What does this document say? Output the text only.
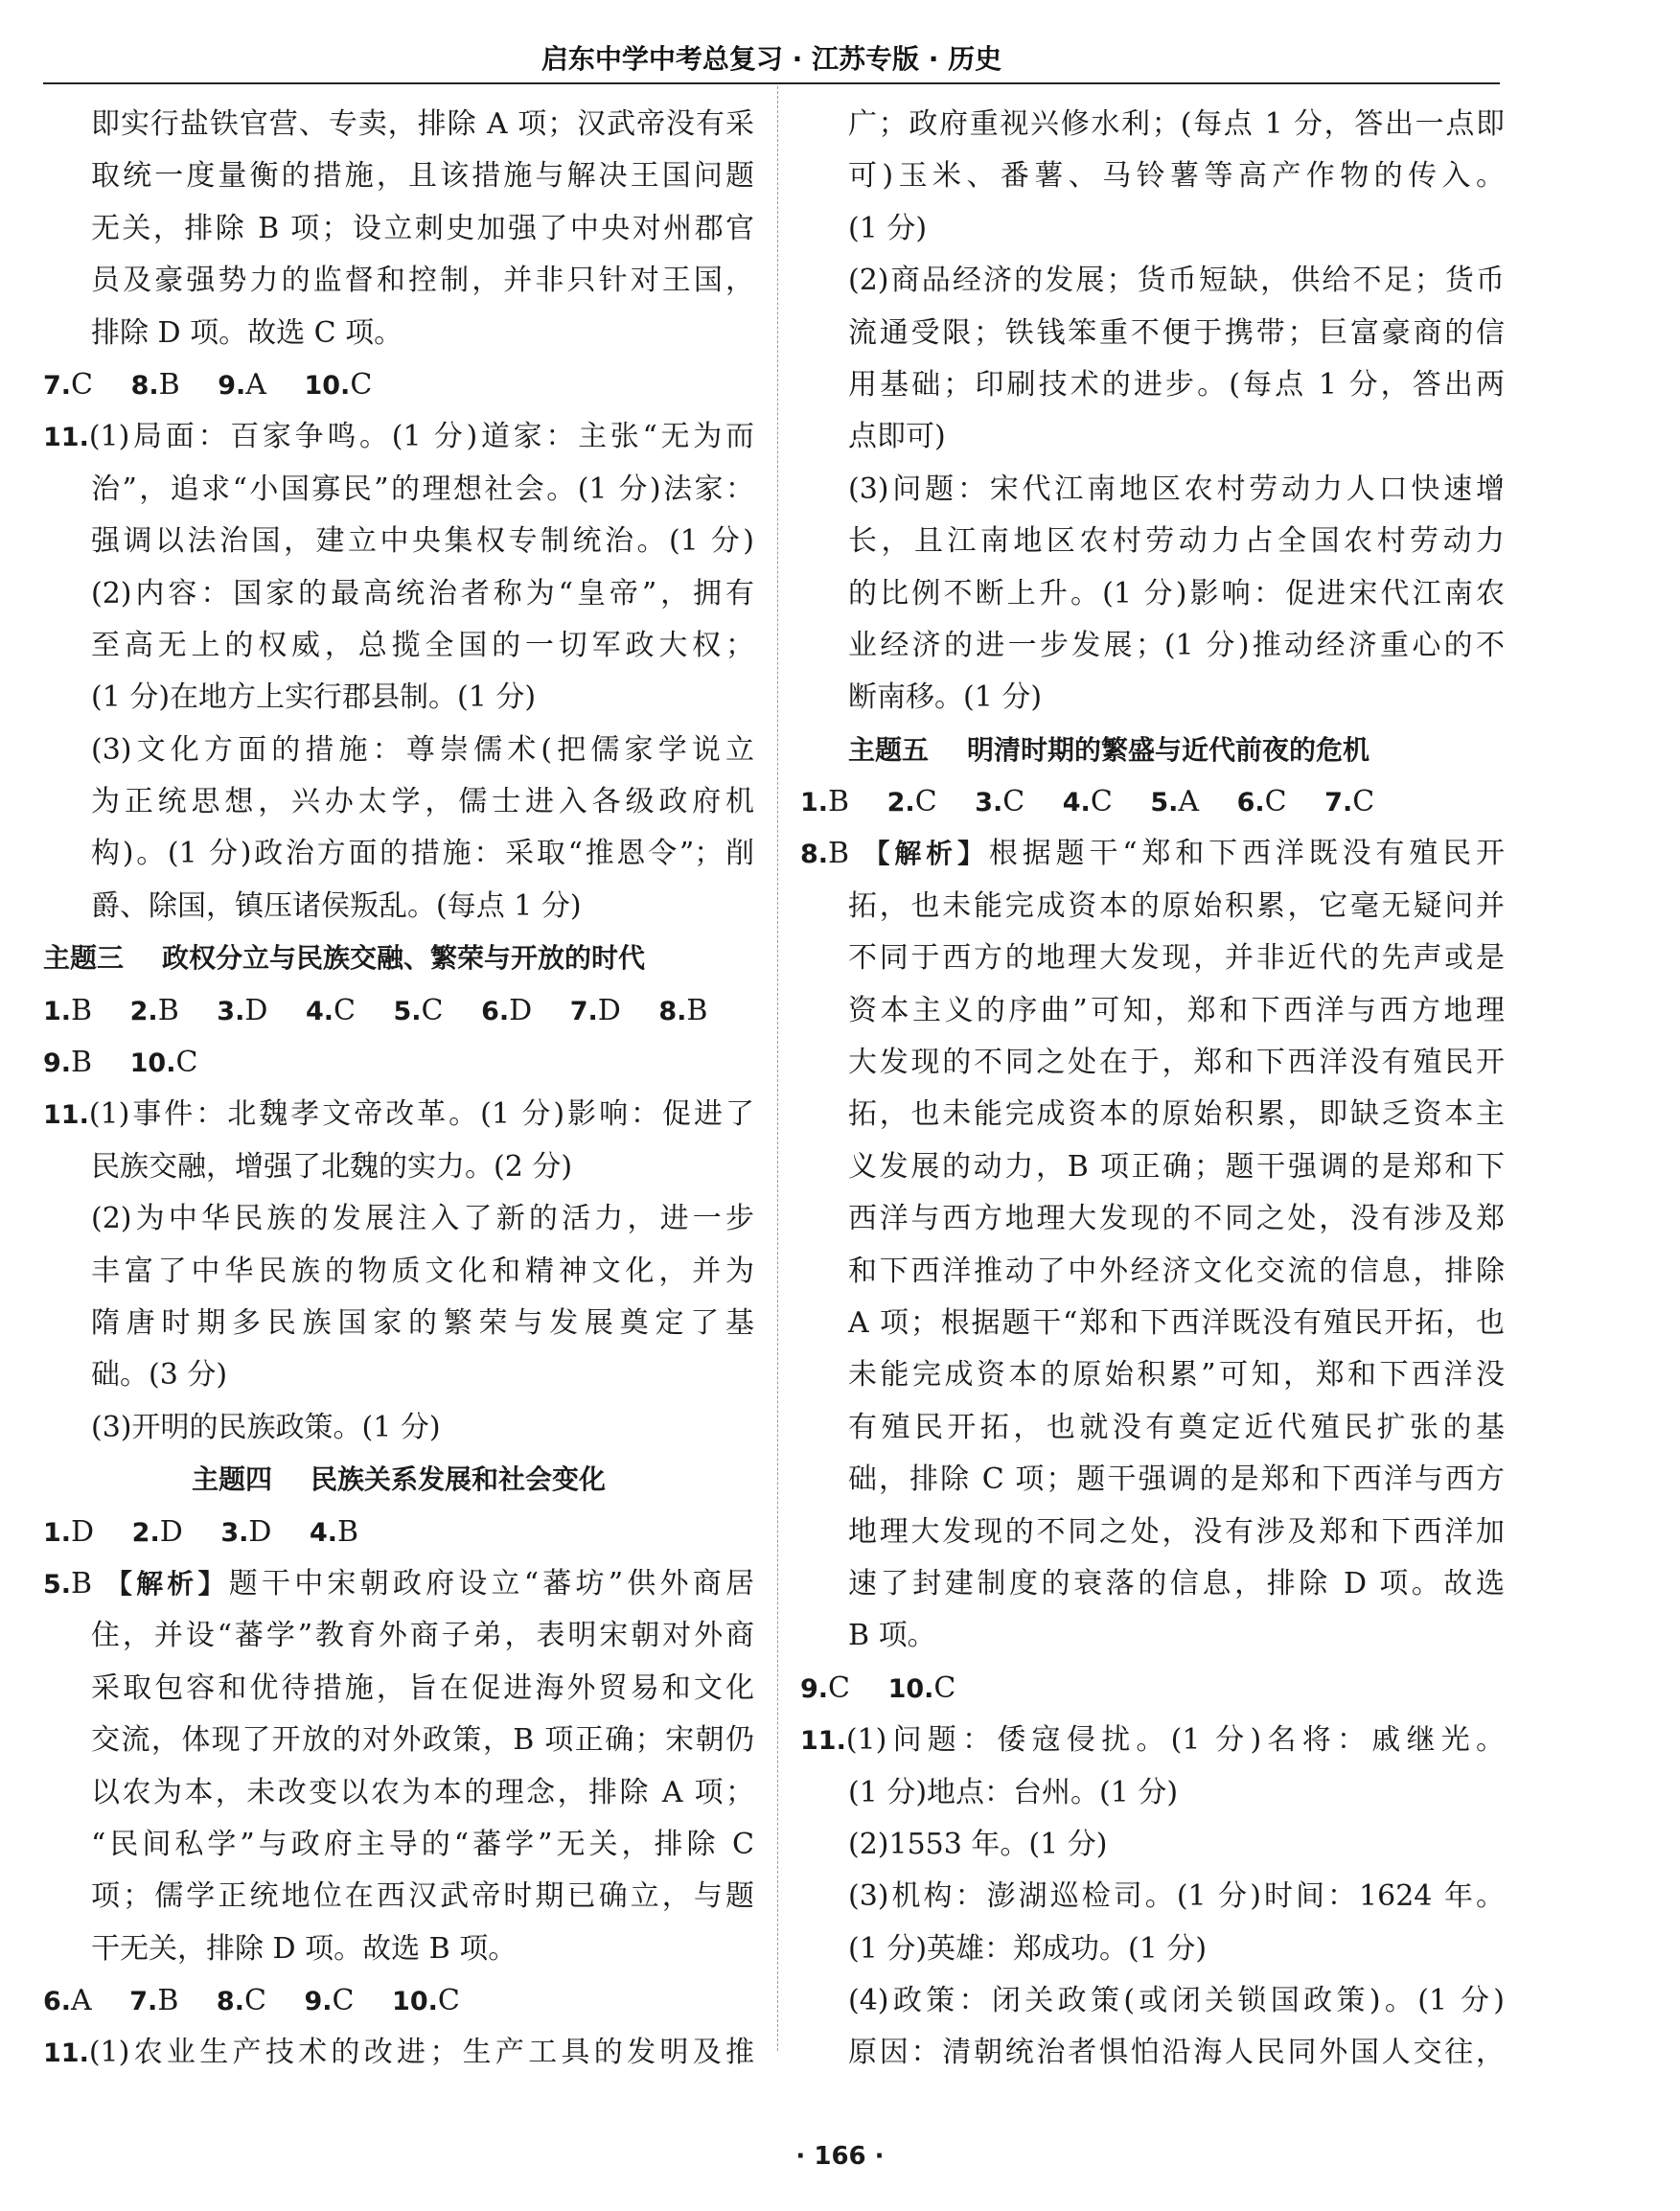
启东中学中考总复习 · 江苏专版 · 历史
即实行盐铁官营、专卖，排除 A 项；汉武帝没有采
取统一度量衡的措施，且该措施与解决王国问题
无关，排除 B 项；设立刺史加强了中央对州郡官
员及豪强势力的监督和控制，并非只针对王国，
排除 D 项。故选 C 项。
7.C 8.B 9.A 10.C
11.(1)局面：百家争鸣。(1 分)道家：主张“无为而
治”，追求“小国寡民”的理想社会。(1 分)法家：
强调以法治国，建立中央集权专制统治。(1 分)
(2)内容：国家的最高统治者称为“皇帝”，拥有
至高无上的权威，总揽全国的一切军政大权；
(1 分)在地方上实行郡县制。(1 分)
(3)文化方面的措施：尊崇儒术(把儒家学说立
为正统思想，兴办太学，儒士进入各级政府机
构)。(1 分)政治方面的措施：采取“推恩令”；削
爵、除国，镇压诸侯叛乱。(每点 1 分)
主题三 政权分立与民族交融、繁荣与开放的时代
1.B 2.B 3.D 4.C 5.C 6.D 7.D 8.B
9.B 10.C
11.(1)事件：北魏孝文帝改革。(1 分)影响：促进了
民族交融，增强了北魏的实力。(2 分)
(2)为中华民族的发展注入了新的活力，进一步
丰富了中华民族的物质文化和精神文化，并为
隋唐时期多民族国家的繁荣与发展奠定了基
础。(3 分)
(3)开明的民族政策。(1 分)
主题四 民族关系发展和社会变化
1.D 2.D 3.D 4.B
5.B 【解析】题干中宋朝政府设立“蕃坊”供外商居
住，并设“蕃学”教育外商子弟，表明宋朝对外商
采取包容和优待措施，旨在促进海外贸易和文化
交流，体现了开放的对外政策，B 项正确；宋朝仍
以农为本，未改变以农为本的理念，排除 A 项；
“民间私学”与政府主导的“蕃学”无关，排除 C
项；儒学正统地位在西汉武帝时期已确立，与题
干无关，排除 D 项。故选 B 项。
6.A 7.B 8.C 9.C 10.C
11.(1)农业生产技术的改进；生产工具的发明及推
广；政府重视兴修水利；(每点 1 分，答出一点即
可)玉米、番薯、马铃薯等高产作物的传入。
(1 分)
(2)商品经济的发展；货币短缺，供给不足；货币
流通受限；铁钱笨重不便于携带；巨富豪商的信
用基础；印刷技术的进步。(每点 1 分，答出两
点即可)
(3)问题：宋代江南地区农村劳动力人口快速增
长，且江南地区农村劳动力占全国农村劳动力
的比例不断上升。(1 分)影响：促进宋代江南农
业经济的进一步发展；(1 分)推动经济重心的不
断南移。(1 分)
主题五 明清时期的繁盛与近代前夜的危机
1.B 2.C 3.C 4.C 5.A 6.C 7.C
8.B 【解析】根据题干“郑和下西洋既没有殖民开
拓，也未能完成资本的原始积累，它毫无疑问并
不同于西方的地理大发现，并非近代的先声或是
资本主义的序曲”可知，郑和下西洋与西方地理
大发现的不同之处在于，郑和下西洋没有殖民开
拓，也未能完成资本的原始积累，即缺乏资本主
义发展的动力，B 项正确；题干强调的是郑和下
西洋与西方地理大发现的不同之处，没有涉及郑
和下西洋推动了中外经济文化交流的信息，排除
A 项；根据题干“郑和下西洋既没有殖民开拓，也
未能完成资本的原始积累”可知，郑和下西洋没
有殖民开拓，也就没有奠定近代殖民扩张的基
础，排除 C 项；题干强调的是郑和下西洋与西方
地理大发现的不同之处，没有涉及郑和下西洋加
速了封建制度的衰落的信息，排除 D 项。故选
B 项。
9.C 10.C
11.(1)问题：倭寇侵扰。(1 分)名将：戚继光。
(1 分)地点：台州。(1 分)
(2)1553 年。(1 分)
(3)机构：澎湖巡检司。(1 分)时间：1624 年。
(1 分)英雄：郑成功。(1 分)
(4)政策：闭关政策(或闭关锁国政策)。(1 分)
原因：清朝统治者惧怕沿海人民同外国人交往，
· 166 ·
